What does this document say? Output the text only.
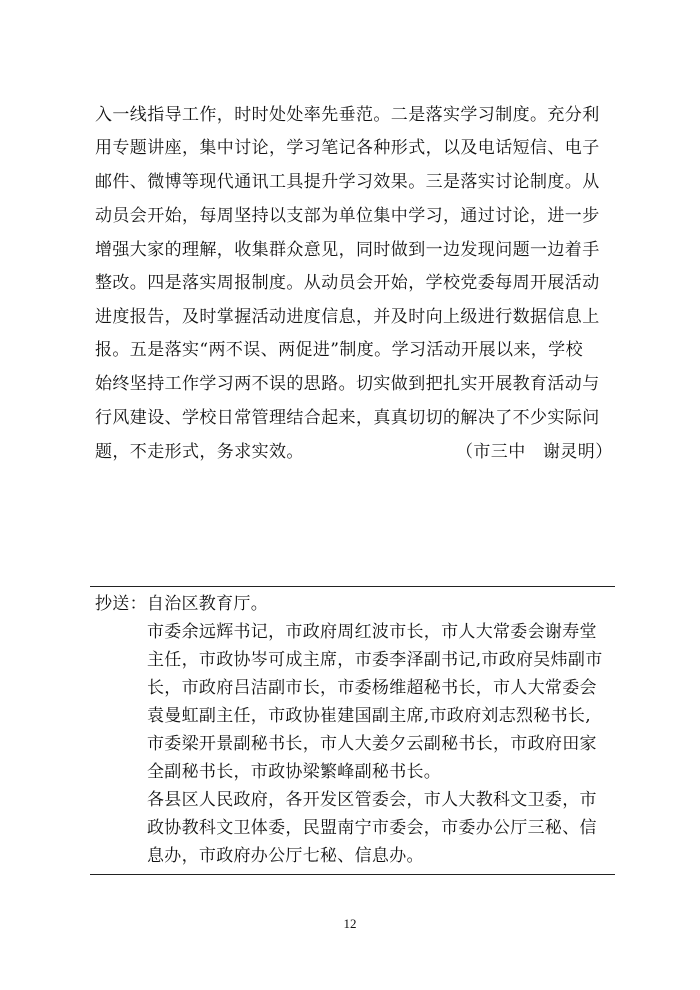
入一线指导工作，时时处处率先垂范。二是落实学习制度。充分利
用专题讲座，集中讨论，学习笔记各种形式，以及电话短信、电子
邮件、微博等现代通讯工具提升学习效果。三是落实讨论制度。从
动员会开始，每周坚持以支部为单位集中学习，通过讨论，进一步
增强大家的理解，收集群众意见，同时做到一边发现问题一边着手
整改。四是落实周报制度。从动员会开始，学校党委每周开展活动
进度报告，及时掌握活动进度信息，并及时向上级进行数据信息上
报。五是落实“两不误、两促进”制度。学习活动开展以来，学校
始终坚持工作学习两不误的思路。切实做到把扎实开展教育活动与
行风建设、学校日常管理结合起来，真真切切的解决了不少实际问
题，不走形式，务求实效。	（市三中　谢灵明）
抄送：自治区教育厅。
市委余远辉书记，市政府周红波市长，市人大常委会谢寿堂
主任，市政协岑可成主席，市委李泽副书记,市政府吴炜副市
长，市政府吕洁副市长，市委杨维超秘书长，市人大常委会
袁曼虹副主任，市政协崔建国副主席,市政府刘志烈秘书长,
市委梁开景副秘书长，市人大姜夕云副秘书长，市政府田家
全副秘书长，市政协梁繁峰副秘书长。
各县区人民政府，各开发区管委会，市人大教科文卫委，市
政协教科文卫体委，民盟南宁市委会，市委办公厅三秘、信
息办，市政府办公厅七秘、信息办。
12
